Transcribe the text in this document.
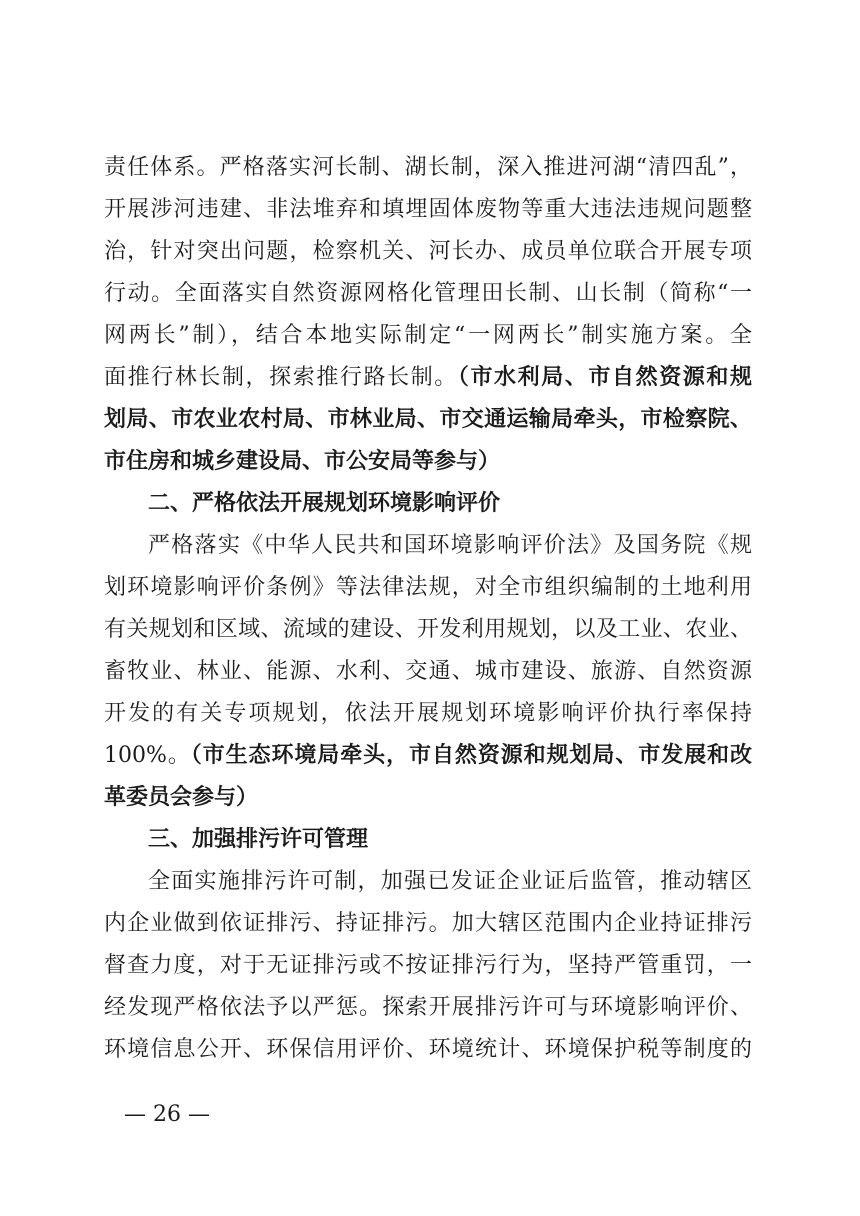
责任体系。严格落实河长制、湖长制，深入推进河湖“清四乱”，
开展涉河违建、非法堆弃和填埋固体废物等重大违法违规问题整
治，针对突出问题，检察机关、河长办、成员单位联合开展专项
行动。全面落实自然资源网格化管理田长制、山长制（简称“一
网两长”制），结合本地实际制定“一网两长”制实施方案。全
面推行林长制，探索推行路长制。（市水利局、市自然资源和规
划局、市农业农村局、市林业局、市交通运输局牵头，市检察院、
市住房和城乡建设局、市公安局等参与）
二、严格依法开展规划环境影响评价
严格落实《中华人民共和国环境影响评价法》及国务院《规
划环境影响评价条例》等法律法规，对全市组织编制的土地利用
有关规划和区域、流域的建设、开发利用规划，以及工业、农业、
畜牧业、林业、能源、水利、交通、城市建设、旅游、自然资源
开发的有关专项规划，依法开展规划环境影响评价执行率保持
100%。（市生态环境局牵头，市自然资源和规划局、市发展和改
革委员会参与）
三、加强排污许可管理
全面实施排污许可制，加强已发证企业证后监管，推动辖区
内企业做到依证排污、持证排污。加大辖区范围内企业持证排污
督查力度，对于无证排污或不按证排污行为，坚持严管重罚，一
经发现严格依法予以严惩。探索开展排污许可与环境影响评价、
环境信息公开、环保信用评价、环境统计、环境保护税等制度的
— 26 —
